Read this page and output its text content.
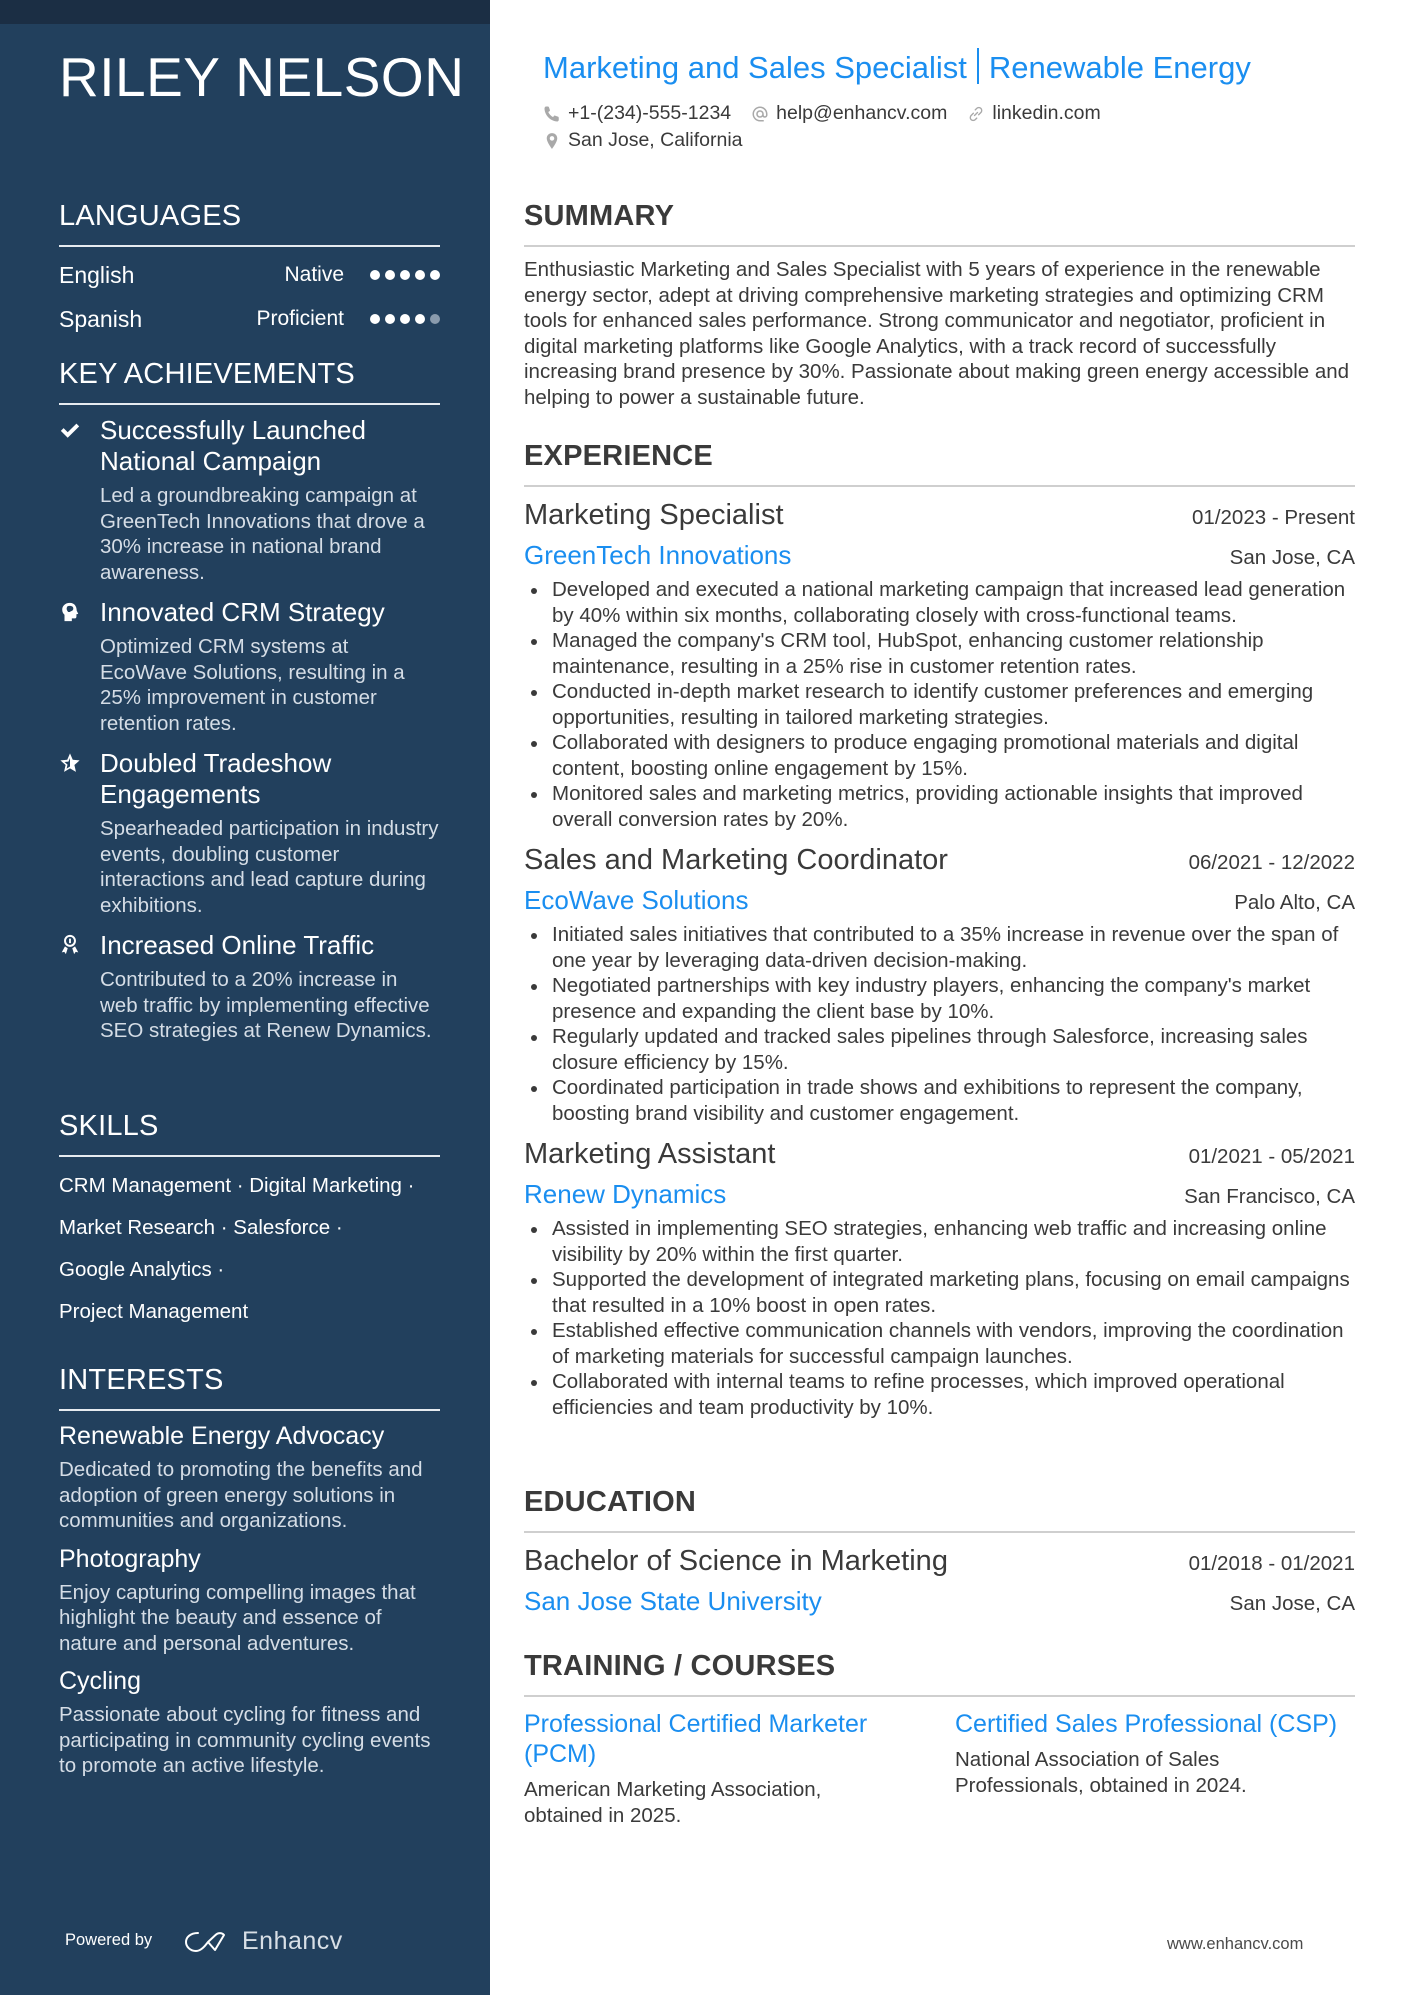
RILEY NELSON
LANGUAGES
English	Native
Spanish	Proficient
KEY ACHIEVEMENTS
Successfully Launched National Campaign
Led a groundbreaking campaign at GreenTech Innovations that drove a 30% increase in national brand awareness.
Innovated CRM Strategy
Optimized CRM systems at EcoWave Solutions, resulting in a 25% improvement in customer retention rates.
Doubled Tradeshow Engagements
Spearheaded participation in industry events, doubling customer interactions and lead capture during exhibitions.
Increased Online Traffic
Contributed to a 20% increase in web traffic by implementing effective SEO strategies at Renew Dynamics.
SKILLS
CRM Management · Digital Marketing ·
Market Research · Salesforce ·
Google Analytics ·
Project Management
INTERESTS
Renewable Energy Advocacy
Dedicated to promoting the benefits and adoption of green energy solutions in communities and organizations.
Photography
Enjoy capturing compelling images that highlight the beauty and essence of nature and personal adventures.
Cycling
Passionate about cycling for fitness and participating in community cycling events to promote an active lifestyle.
Powered by	Enhancv
Marketing and Sales Specialist Renewable Energy
+1-(234)-555-1234 help@enhancv.com linkedin.com
San Jose, California
SUMMARY

Enthusiastic Marketing and Sales Specialist with 5 years of experience in the renewable energy sector, adept at driving comprehensive marketing strategies and optimizing CRM tools for enhanced sales performance. Strong communicator and negotiator, proficient in digital marketing platforms like Google Analytics, with a track record of successfully increasing brand presence by 30%. Passionate about making green energy accessible and helping to power a sustainable future.

EXPERIENCE
Marketing Specialist	01/2023 - Present
GreenTech Innovations	San Jose, CA
Developed and executed a national marketing campaign that increased lead generation by 40% within six months, collaborating closely with cross-functional teams.
Managed the company's CRM tool, HubSpot, enhancing customer relationship maintenance, resulting in a 25% rise in customer retention rates.
Conducted in-depth market research to identify customer preferences and emerging opportunities, resulting in tailored marketing strategies.
Collaborated with designers to produce engaging promotional materials and digital content, boosting online engagement by 15%.
Monitored sales and marketing metrics, providing actionable insights that improved overall conversion rates by 20%.
Sales and Marketing Coordinator	06/2021 - 12/2022
EcoWave Solutions	Palo Alto, CA
Initiated sales initiatives that contributed to a 35% increase in revenue over the span of one year by leveraging data-driven decision-making.
Negotiated partnerships with key industry players, enhancing the company's market presence and expanding the client base by 10%.
Regularly updated and tracked sales pipelines through Salesforce, increasing sales closure efficiency by 15%.
Coordinated participation in trade shows and exhibitions to represent the company, boosting brand visibility and customer engagement.
Marketing Assistant	01/2021 - 05/2021
Renew Dynamics	San Francisco, CA
Assisted in implementing SEO strategies, enhancing web traffic and increasing online visibility by 20% within the first quarter.
Supported the development of integrated marketing plans, focusing on email campaigns that resulted in a 10% boost in open rates.
Established effective communication channels with vendors, improving the coordination of marketing materials for successful campaign launches.
Collaborated with internal teams to refine processes, which improved operational efficiencies and team productivity by 10%.
EDUCATION
Bachelor of Science in Marketing	01/2018 - 01/2021
San Jose State University	San Jose, CA
TRAINING / COURSES
Professional Certified Marketer (PCM)
American Marketing Association, obtained in 2025.
Certified Sales Professional (CSP)
National Association of Sales Professionals, obtained in 2024.
www.enhancv.com
